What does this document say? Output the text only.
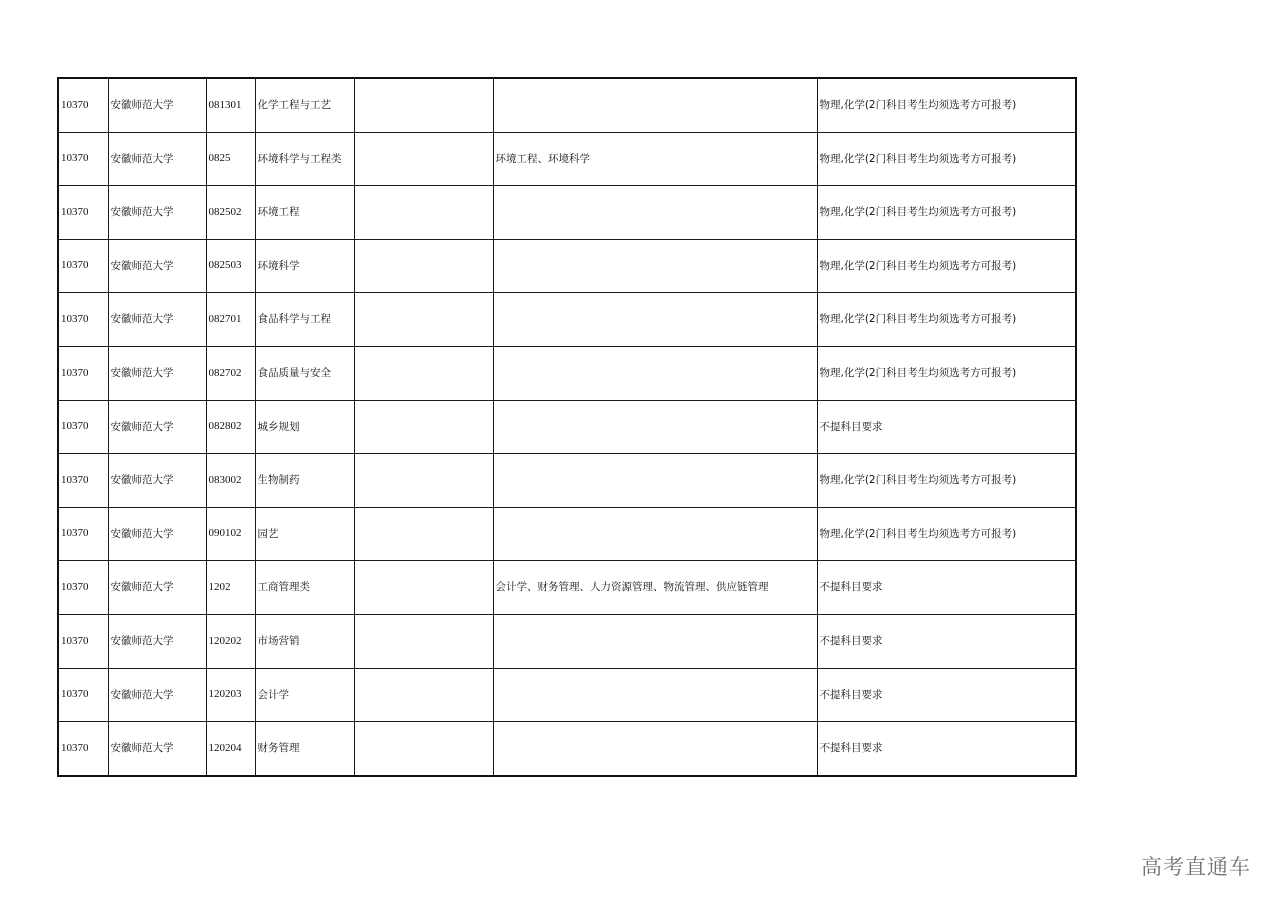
10370	安徽师范大学	081301	化学工程与工艺			物理,化学(2门科目考生均须选考方可报考)
10370	安徽师范大学	0825	环境科学与工程类		环境工程、环境科学	物理,化学(2门科目考生均须选考方可报考)
10370	安徽师范大学	082502	环境工程			物理,化学(2门科目考生均须选考方可报考)
10370	安徽师范大学	082503	环境科学			物理,化学(2门科目考生均须选考方可报考)
10370	安徽师范大学	082701	食品科学与工程			物理,化学(2门科目考生均须选考方可报考)
10370	安徽师范大学	082702	食品质量与安全			物理,化学(2门科目考生均须选考方可报考)
10370	安徽师范大学	082802	城乡规划			不提科目要求
10370	安徽师范大学	083002	生物制药			物理,化学(2门科目考生均须选考方可报考)
10370	安徽师范大学	090102	园艺			物理,化学(2门科目考生均须选考方可报考)
10370	安徽师范大学	1202	工商管理类		会计学、财务管理、人力资源管理、物流管理、供应链管理	不提科目要求
10370	安徽师范大学	120202	市场营销			不提科目要求
10370	安徽师范大学	120203	会计学			不提科目要求
10370	安徽师范大学	120204	财务管理			不提科目要求
高考直通车
